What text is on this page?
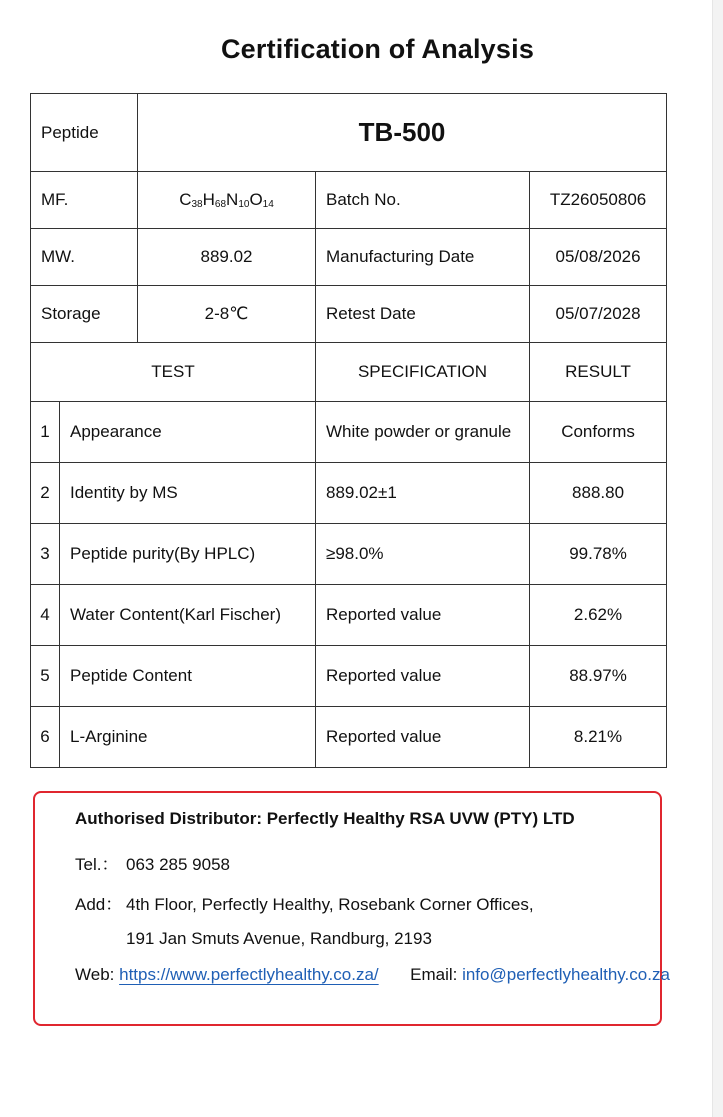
Certification of Analysis
Peptide		TB-500		
MF.		$C_{38}H_{68}N_{10}O_{14}$	Batch No.	TZ26050806
MW.		889.02	Manufacturing Date	05/08/2026
Storage		2-8℃	Retest Date	05/07/2028
TEST			SPECIFICATION	RESULT
1	Appearance		White powder or granule	Conforms
2	Identity by MS		889.02±1	888.80
3	Peptide purity(By HPLC)		≥98.0%	99.78%
4	Water Content(Karl Fischer)		Reported value	2.62%
5	Peptide Content		Reported value	88.97%
6	L-Arginine		Reported value	8.21%
Authorised Distributor: Perfectly Healthy RSA UVW (PTY) LTD
Tel.： 063 285 9058
Add： 4th Floor, Perfectly Healthy, Rosebank Corner Offices,
191 Jan Smuts Avenue, Randburg, 2193
Web: https://www.perfectlyhealthy.co.za/ Email: info@perfectlyhealthy.co.za
